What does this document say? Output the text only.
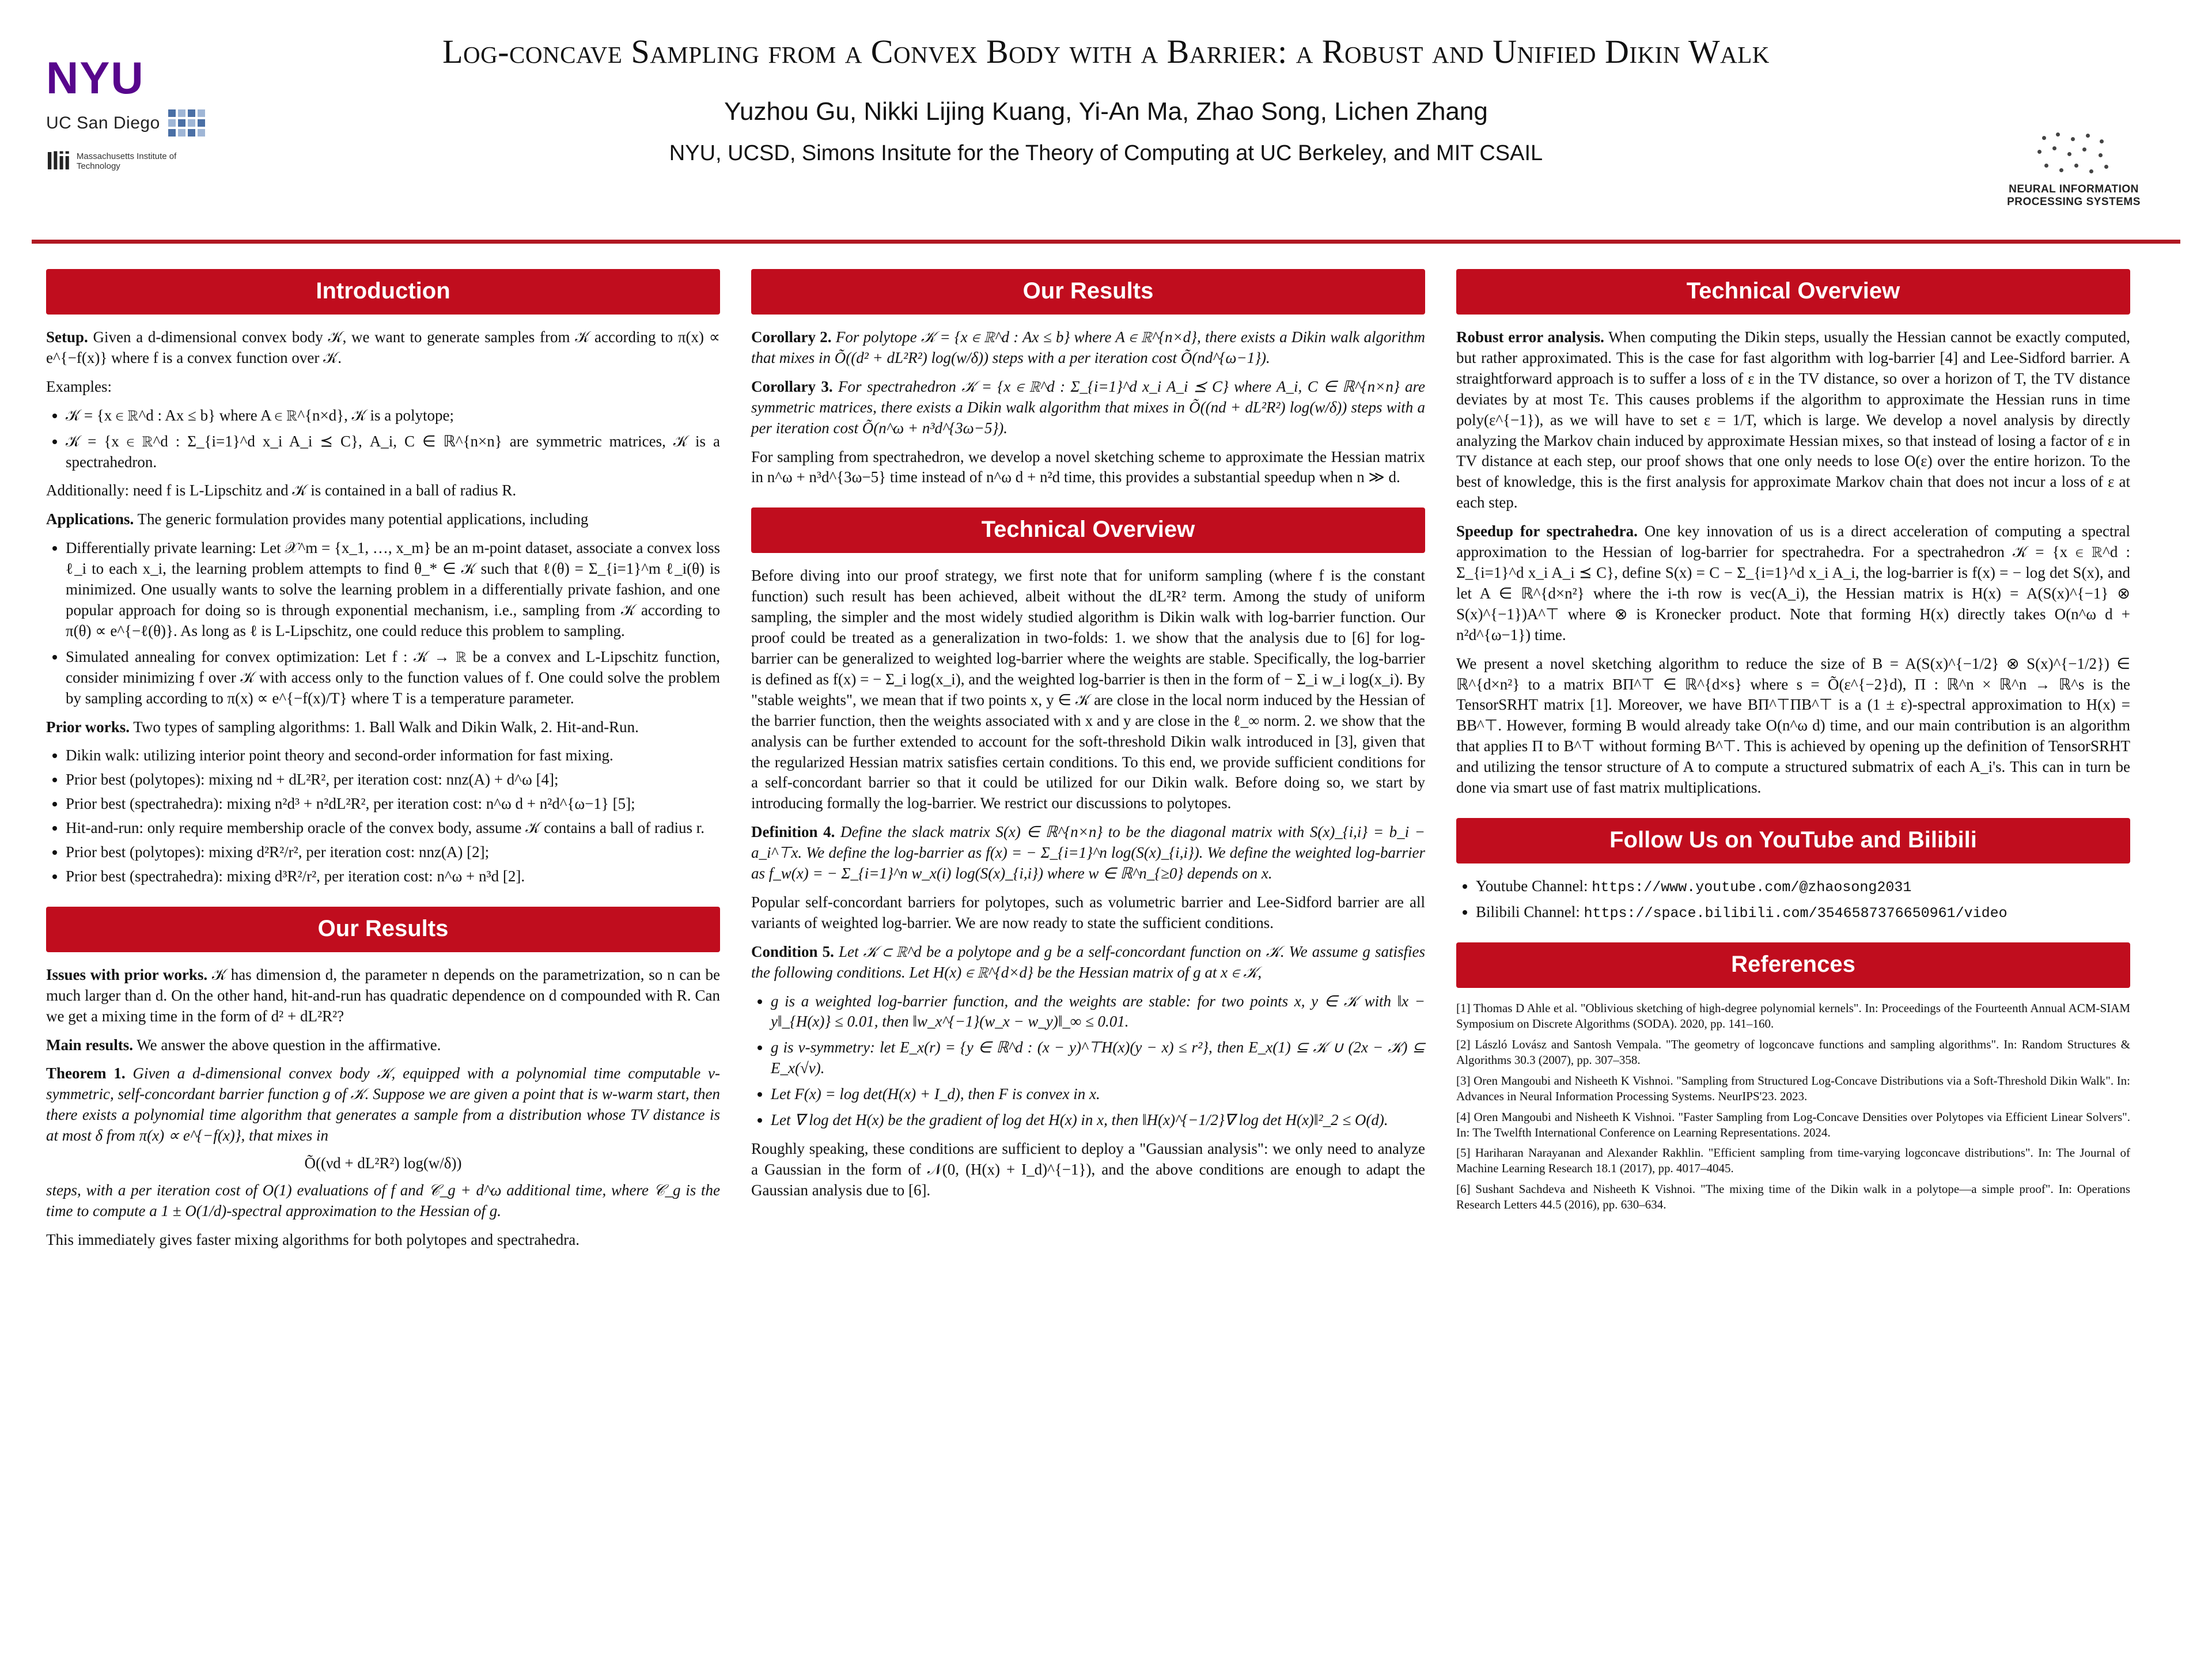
NYU
UC San Diego
Ilii Massachusetts Institute of Technology
Log-concave Sampling from a Convex Body with a Barrier: a Robust and Unified Dikin Walk
Yuzhou Gu, Nikki Lijing Kuang, Yi-An Ma, Zhao Song, Lichen Zhang
NYU, UCSD, Simons Insitute for the Theory of Computing at UC Berkeley, and MIT CSAIL
NEURAL INFORMATION
PROCESSING SYSTEMS
Introduction

Setup. Given a d-dimensional convex body 𝒦, we want to generate samples from 𝒦 according to π(x) ∝ e^{−f(x)} where f is a convex function over 𝒦.

Examples:

• 𝒦 = {x ∈ ℝ^d : Ax ≤ b} where A ∈ ℝ^{n×d}, 𝒦 is a polytope;
• 𝒦 = {x ∈ ℝ^d : Σ_{i=1}^d x_i A_i ⪯ C}, A_i, C ∈ ℝ^{n×n} are symmetric matrices, 𝒦 is a spectrahedron.

Additionally: need f is L-Lipschitz and 𝒦 is contained in a ball of radius R.

Applications. The generic formulation provides many potential applications, including

• Differentially private learning: Let 𝒳^m = {x_1, …, x_m} be an m-point dataset, associate a convex loss ℓ_i to each x_i, the learning problem attempts to find θ_* ∈ 𝒦 such that ℓ(θ) = Σ_{i=1}^m ℓ_i(θ) is minimized. One usually wants to solve the learning problem in a differentially private fashion, and one popular approach for doing so is through exponential mechanism, i.e., sampling from 𝒦 according to π(θ) ∝ e^{−ℓ(θ)}. As long as ℓ is L-Lipschitz, one could reduce this problem to sampling.
• Simulated annealing for convex optimization: Let f : 𝒦 → ℝ be a convex and L-Lipschitz function, consider minimizing f over 𝒦 with access only to the function values of f. One could solve the problem by sampling according to π(x) ∝ e^{−f(x)/T} where T is a temperature parameter.

Prior works. Two types of sampling algorithms: 1. Ball Walk and Dikin Walk, 2. Hit-and-Run.

• Dikin walk: utilizing interior point theory and second-order information for fast mixing.
• Prior best (polytopes): mixing nd + dL²R², per iteration cost: nnz(A) + d^ω [4];
• Prior best (spectrahedra): mixing n²d³ + n²dL²R², per iteration cost: n^ω d + n²d^{ω−1} [5];
• Hit-and-run: only require membership oracle of the convex body, assume 𝒦 contains a ball of radius r.
• Prior best (polytopes): mixing d²R²/r², per iteration cost: nnz(A) [2];
• Prior best (spectrahedra): mixing d³R²/r², per iteration cost: n^ω + n³d [2].
Our Results

Issues with prior works. 𝒦 has dimension d, the parameter n depends on the parametrization, so n can be much larger than d. On the other hand, hit-and-run has quadratic dependence on d compounded with R. Can we get a mixing time in the form of d² + dL²R²?

Main results. We answer the above question in the affirmative.

Theorem 1. Given a d-dimensional convex body 𝒦, equipped with a polynomial time computable ν-symmetric, self-concordant barrier function g of 𝒦. Suppose we are given a point that is w-warm start, then there exists a polynomial time algorithm that generates a sample from a distribution whose TV distance is at most δ from π(x) ∝ e^{−f(x)}, that mixes in

Õ((νd + dL²R²) log(w/δ))

steps, with a per iteration cost of O(1) evaluations of f and 𝒞_g + d^ω additional time, where 𝒞_g is the time to compute a 1 ± O(1/d)-spectral approximation to the Hessian of g.

This immediately gives faster mixing algorithms for both polytopes and spectrahedra.

Our Results

Corollary 2. For polytope 𝒦 = {x ∈ ℝ^d : Ax ≤ b} where A ∈ ℝ^{n×d}, there exists a Dikin walk algorithm that mixes in Õ((d² + dL²R²) log(w/δ)) steps with a per iteration cost Õ(nd^{ω−1}).

Corollary 3. For spectrahedron 𝒦 = {x ∈ ℝ^d : Σ_{i=1}^d x_i A_i ⪯ C} where A_i, C ∈ ℝ^{n×n} are symmetric matrices, there exists a Dikin walk algorithm that mixes in Õ((nd + dL²R²) log(w/δ)) steps with a per iteration cost Õ(n^ω + n³d^{3ω−5}).

For sampling from spectrahedron, we develop a novel sketching scheme to approximate the Hessian matrix in n^ω + n³d^{3ω−5} time instead of n^ω d + n²d time, this provides a substantial speedup when n ≫ d.

Technical Overview

Before diving into our proof strategy, we first note that for uniform sampling (where f is the constant function) such result has been achieved, albeit without the dL²R² term. Among the study of uniform sampling, the simpler and the most widely studied algorithm is Dikin walk with log-barrier function. Our proof could be treated as a generalization in two-folds: 1. we show that the analysis due to [6] for log-barrier can be generalized to weighted log-barrier where the weights are stable. Specifically, the log-barrier is defined as f(x) = − Σ_i log(x_i), and the weighted log-barrier is then in the form of − Σ_i w_i log(x_i). By "stable weights", we mean that if two points x, y ∈ 𝒦 are close in the local norm induced by the Hessian of the barrier function, then the weights associated with x and y are close in the ℓ_∞ norm. 2. we show that the analysis can be further extended to account for the soft-threshold Dikin walk introduced in [3], given that the regularized Hessian matrix satisfies certain conditions. To this end, we provide sufficient conditions for a self-concordant barrier so that it could be utilized for our Dikin walk. Before doing so, we start by introducing formally the log-barrier. We restrict our discussions to polytopes.

Definition 4. Define the slack matrix S(x) ∈ ℝ^{n×n} to be the diagonal matrix with S(x)_{i,i} = b_i − a_i^⊤x. We define the log-barrier as f(x) = − Σ_{i=1}^n log(S(x)_{i,i}). We define the weighted log-barrier as f_w(x) = − Σ_{i=1}^n w_x(i) log(S(x)_{i,i}) where w ∈ ℝ^n_{≥0} depends on x.

Popular self-concordant barriers for polytopes, such as volumetric barrier and Lee-Sidford barrier are all variants of weighted log-barrier. We are now ready to state the sufficient conditions.

Condition 5. Let 𝒦 ⊂ ℝ^d be a polytope and g be a self-concordant function on 𝒦. We assume g satisfies the following conditions. Let H(x) ∈ ℝ^{d×d} be the Hessian matrix of g at x ∈ 𝒦,

• g is a weighted log-barrier function, and the weights are stable: for two points x, y ∈ 𝒦 with ‖x − y‖_{H(x)} ≤ 0.01, then ‖w_x^{−1}(w_x − w_y)‖_∞ ≤ 0.01.
• g is ν-symmetry: let E_x(r) = {y ∈ ℝ^d : (x − y)^⊤H(x)(y − x) ≤ r²}, then E_x(1) ⊆ 𝒦 ∪ (2x − 𝒦) ⊆ E_x(√ν).
• Let F(x) = log det(H(x) + I_d), then F is convex in x.
• Let ∇ log det H(x) be the gradient of log det H(x) in x, then ‖H(x)^{−1/2}∇ log det H(x)‖²_2 ≤ O(d).

Roughly speaking, these conditions are sufficient to deploy a "Gaussian analysis": we only need to analyze a Gaussian in the form of 𝒩(0, (H(x) + I_d)^{−1}), and the above conditions are enough to adapt the Gaussian analysis due to [6].

Technical Overview

Robust error analysis. When computing the Dikin steps, usually the Hessian cannot be exactly computed, but rather approximated. This is the case for fast algorithm with log-barrier [4] and Lee-Sidford barrier. A straightforward approach is to suffer a loss of ε in the TV distance, so over a horizon of T, the TV distance deviates by at most Tε. This causes problems if the algorithm to approximate the Hessian runs in time poly(ε^{−1}), as we will have to set ε = 1/T, which is large. We develop a novel analysis by directly analyzing the Markov chain induced by approximate Hessian mixes, so that instead of losing a factor of ε in TV distance at each step, our proof shows that one only needs to lose O(ε) over the entire horizon. To the best of knowledge, this is the first analysis for approximate Markov chain that does not incur a loss of ε at each step.

Speedup for spectrahedra. One key innovation of us is a direct acceleration of computing a spectral approximation to the Hessian of log-barrier for spectrahedra. For a spectrahedron 𝒦 = {x ∈ ℝ^d : Σ_{i=1}^d x_i A_i ⪯ C}, define S(x) = C − Σ_{i=1}^d x_i A_i, the log-barrier is f(x) = − log det S(x), and let A ∈ ℝ^{d×n²} where the i-th row is vec(A_i), the Hessian matrix is H(x) = A(S(x)^{−1} ⊗ S(x)^{−1})A^⊤ where ⊗ is Kronecker product. Note that forming H(x) directly takes O(n^ω d + n²d^{ω−1}) time.

We present a novel sketching algorithm to reduce the size of B = A(S(x)^{−1/2} ⊗ S(x)^{−1/2}) ∈ ℝ^{d×n²} to a matrix BΠ^⊤ ∈ ℝ^{d×s} where s = Õ(ε^{−2}d), Π : ℝ^n × ℝ^n → ℝ^s is the TensorSRHT matrix [1]. Moreover, we have BΠ^⊤ΠB^⊤ is a (1 ± ε)-spectral approximation to H(x) = BB^⊤. However, forming B would already take O(n^ω d) time, and our main contribution is an algorithm that applies Π to B^⊤ without forming B^⊤. This is achieved by opening up the definition of TensorSRHT and utilizing the tensor structure of A to compute a structured submatrix of each A_i's. This can in turn be done via smart use of fast matrix multiplications.

Follow Us on YouTube and Bilibili
• Youtube Channel: https://www.youtube.com/@zhaosong2031
• Bilibili Channel: https://space.bilibili.com/3546587376650961/video
References
[1] Thomas D Ahle et al. "Oblivious sketching of high-degree polynomial kernels". In: Proceedings of the Fourteenth Annual ACM-SIAM Symposium on Discrete Algorithms (SODA). 2020, pp. 141–160.
[2] László Lovász and Santosh Vempala. "The geometry of logconcave functions and sampling algorithms". In: Random Structures & Algorithms 30.3 (2007), pp. 307–358.
[3] Oren Mangoubi and Nisheeth K Vishnoi. "Sampling from Structured Log-Concave Distributions via a Soft-Threshold Dikin Walk". In: Advances in Neural Information Processing Systems. NeurIPS'23. 2023.
[4] Oren Mangoubi and Nisheeth K Vishnoi. "Faster Sampling from Log-Concave Densities over Polytopes via Efficient Linear Solvers". In: The Twelfth International Conference on Learning Representations. 2024.
[5] Hariharan Narayanan and Alexander Rakhlin. "Efficient sampling from time-varying logconcave distributions". In: The Journal of Machine Learning Research 18.1 (2017), pp. 4017–4045.
[6] Sushant Sachdeva and Nisheeth K Vishnoi. "The mixing time of the Dikin walk in a polytope—a simple proof". In: Operations Research Letters 44.5 (2016), pp. 630–634.
